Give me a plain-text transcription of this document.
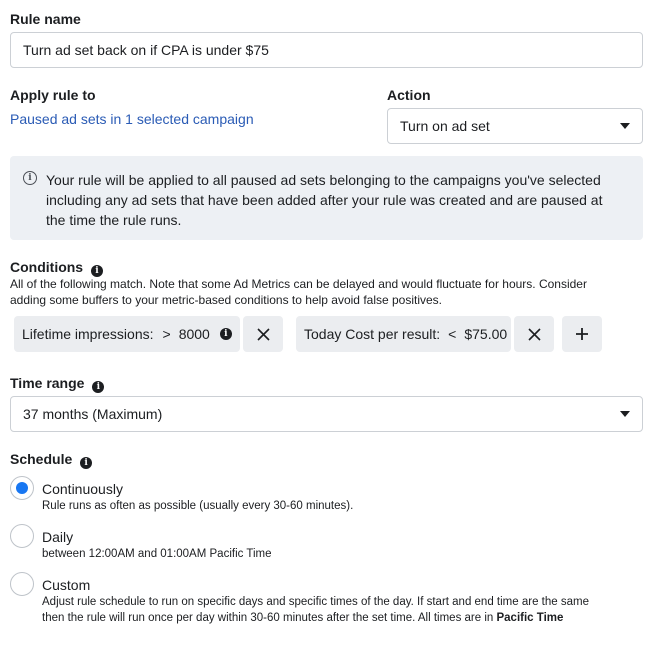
Rule name
Turn ad set back on if CPA is under $75
Apply rule to
Paused ad sets in 1 selected campaign
Action
Turn on ad set
i	Your rule will be applied to all paused ad sets belonging to the campaigns you've selected
including any ad sets that have been added after your rule was created and are paused at
the time the rule runs.
Conditions i
All of the following match. Note that some Ad Metrics can be delayed and would fluctuate for hours. Consider
adding some buffers to your metric-based conditions to help avoid false positives.
Lifetime impressions: > 8000	i	Today Cost per result: < $75.00
Time range i
37 months (Maximum)
Schedule i
Continuously
Rule runs as often as possible (usually every 30-60 minutes).
Daily
between 12:00AM and 01:00AM Pacific Time
Custom
Adjust rule schedule to run on specific days and specific times of the day. If start and end time are the same
then the rule will run once per day within 30-60 minutes after the set time. All times are in Pacific Time
